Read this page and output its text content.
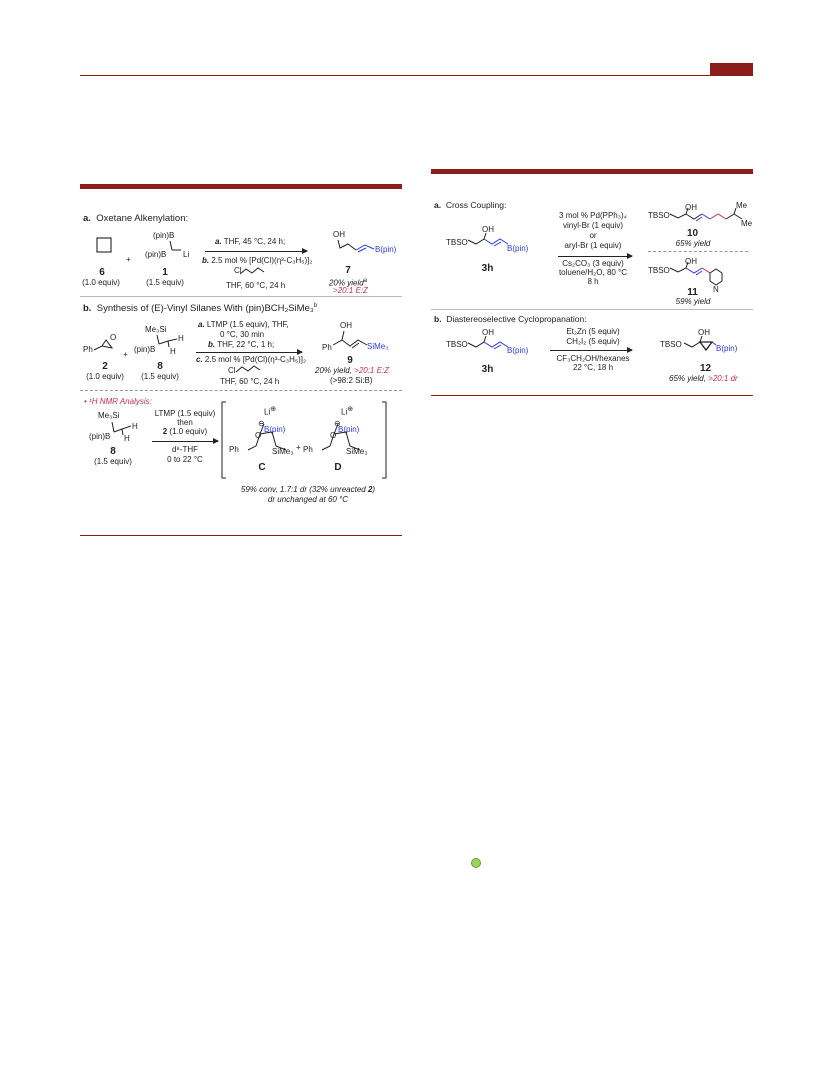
a. Oxetane Alkenylation:
6
(1.0 equiv)
+
(pin)B
(pin)B Li
1
(1.5 equiv)
a. THF, 45 °C, 24 h;
b. 2.5 mol % [Pd(Cl)(η³-C₃H₅)]₂
Cl
THF, 60 °C, 24 h
OH
B(pin)
7
20% yield$^a$
>20:1 E:Z
b. Synthesis of (E)-Vinyl Silanes With (pin)BCH₂SiMe₃$^b$
Ph
O
2
(1.0 equiv)
+
Me₃Si
(pin)B
H
H
8
(1.5 equiv)
a. LTMP (1.5 equiv), THF,
0 °C, 30 min
b. THF, 22 °C, 1 h;
c. 2.5 mol % [Pd(Cl)(η³-C₃H₅)]₂
Cl
THF, 60 °C, 24 h
OH
Ph	SiMe₃
9
20% yield, >20:1 E:Z
(>98:2 Si:B)
• ¹H NMR Analysis:
Me₃Si
(pin)B
H
H
8
(1.5 equiv)
LTMP (1.5 equiv)
then
2 (1.0 equiv)
d⁸-THF
0 to 22 °C
Li⊕
⊖
O
B(pin)
Ph	SiMe₃
C
+
Li⊕
⊖
O
B(pin)
Ph	SiMe₃
D
59% conv, 1.7:1 dr (32% unreacted 2)
dr unchanged at 60 °C
a. Cross Coupling:
OH
TBSO
B(pin)
3h
3 mol % Pd(PPh₃)₄
vinyl-Br (1 equiv)
or
aryl-Br (1 equiv)
Cs₂CO₃ (3 equiv)
toluene/H₂O, 80 °C
8 h
OH
TBSO
Me
Me
10
65% yield
OH
TBSO
N
11
59% yield
b. Diastereoselective Cyclopropanation:
OH
TBSO
B(pin)
3h
Et₂Zn (5 equiv)
CH₂I₂ (5 equiv)
CF₃CH₂OH/hexanes
22 °C, 18 h
OH
TBSO	B(pin)
12
65% yield, >20:1 dr
